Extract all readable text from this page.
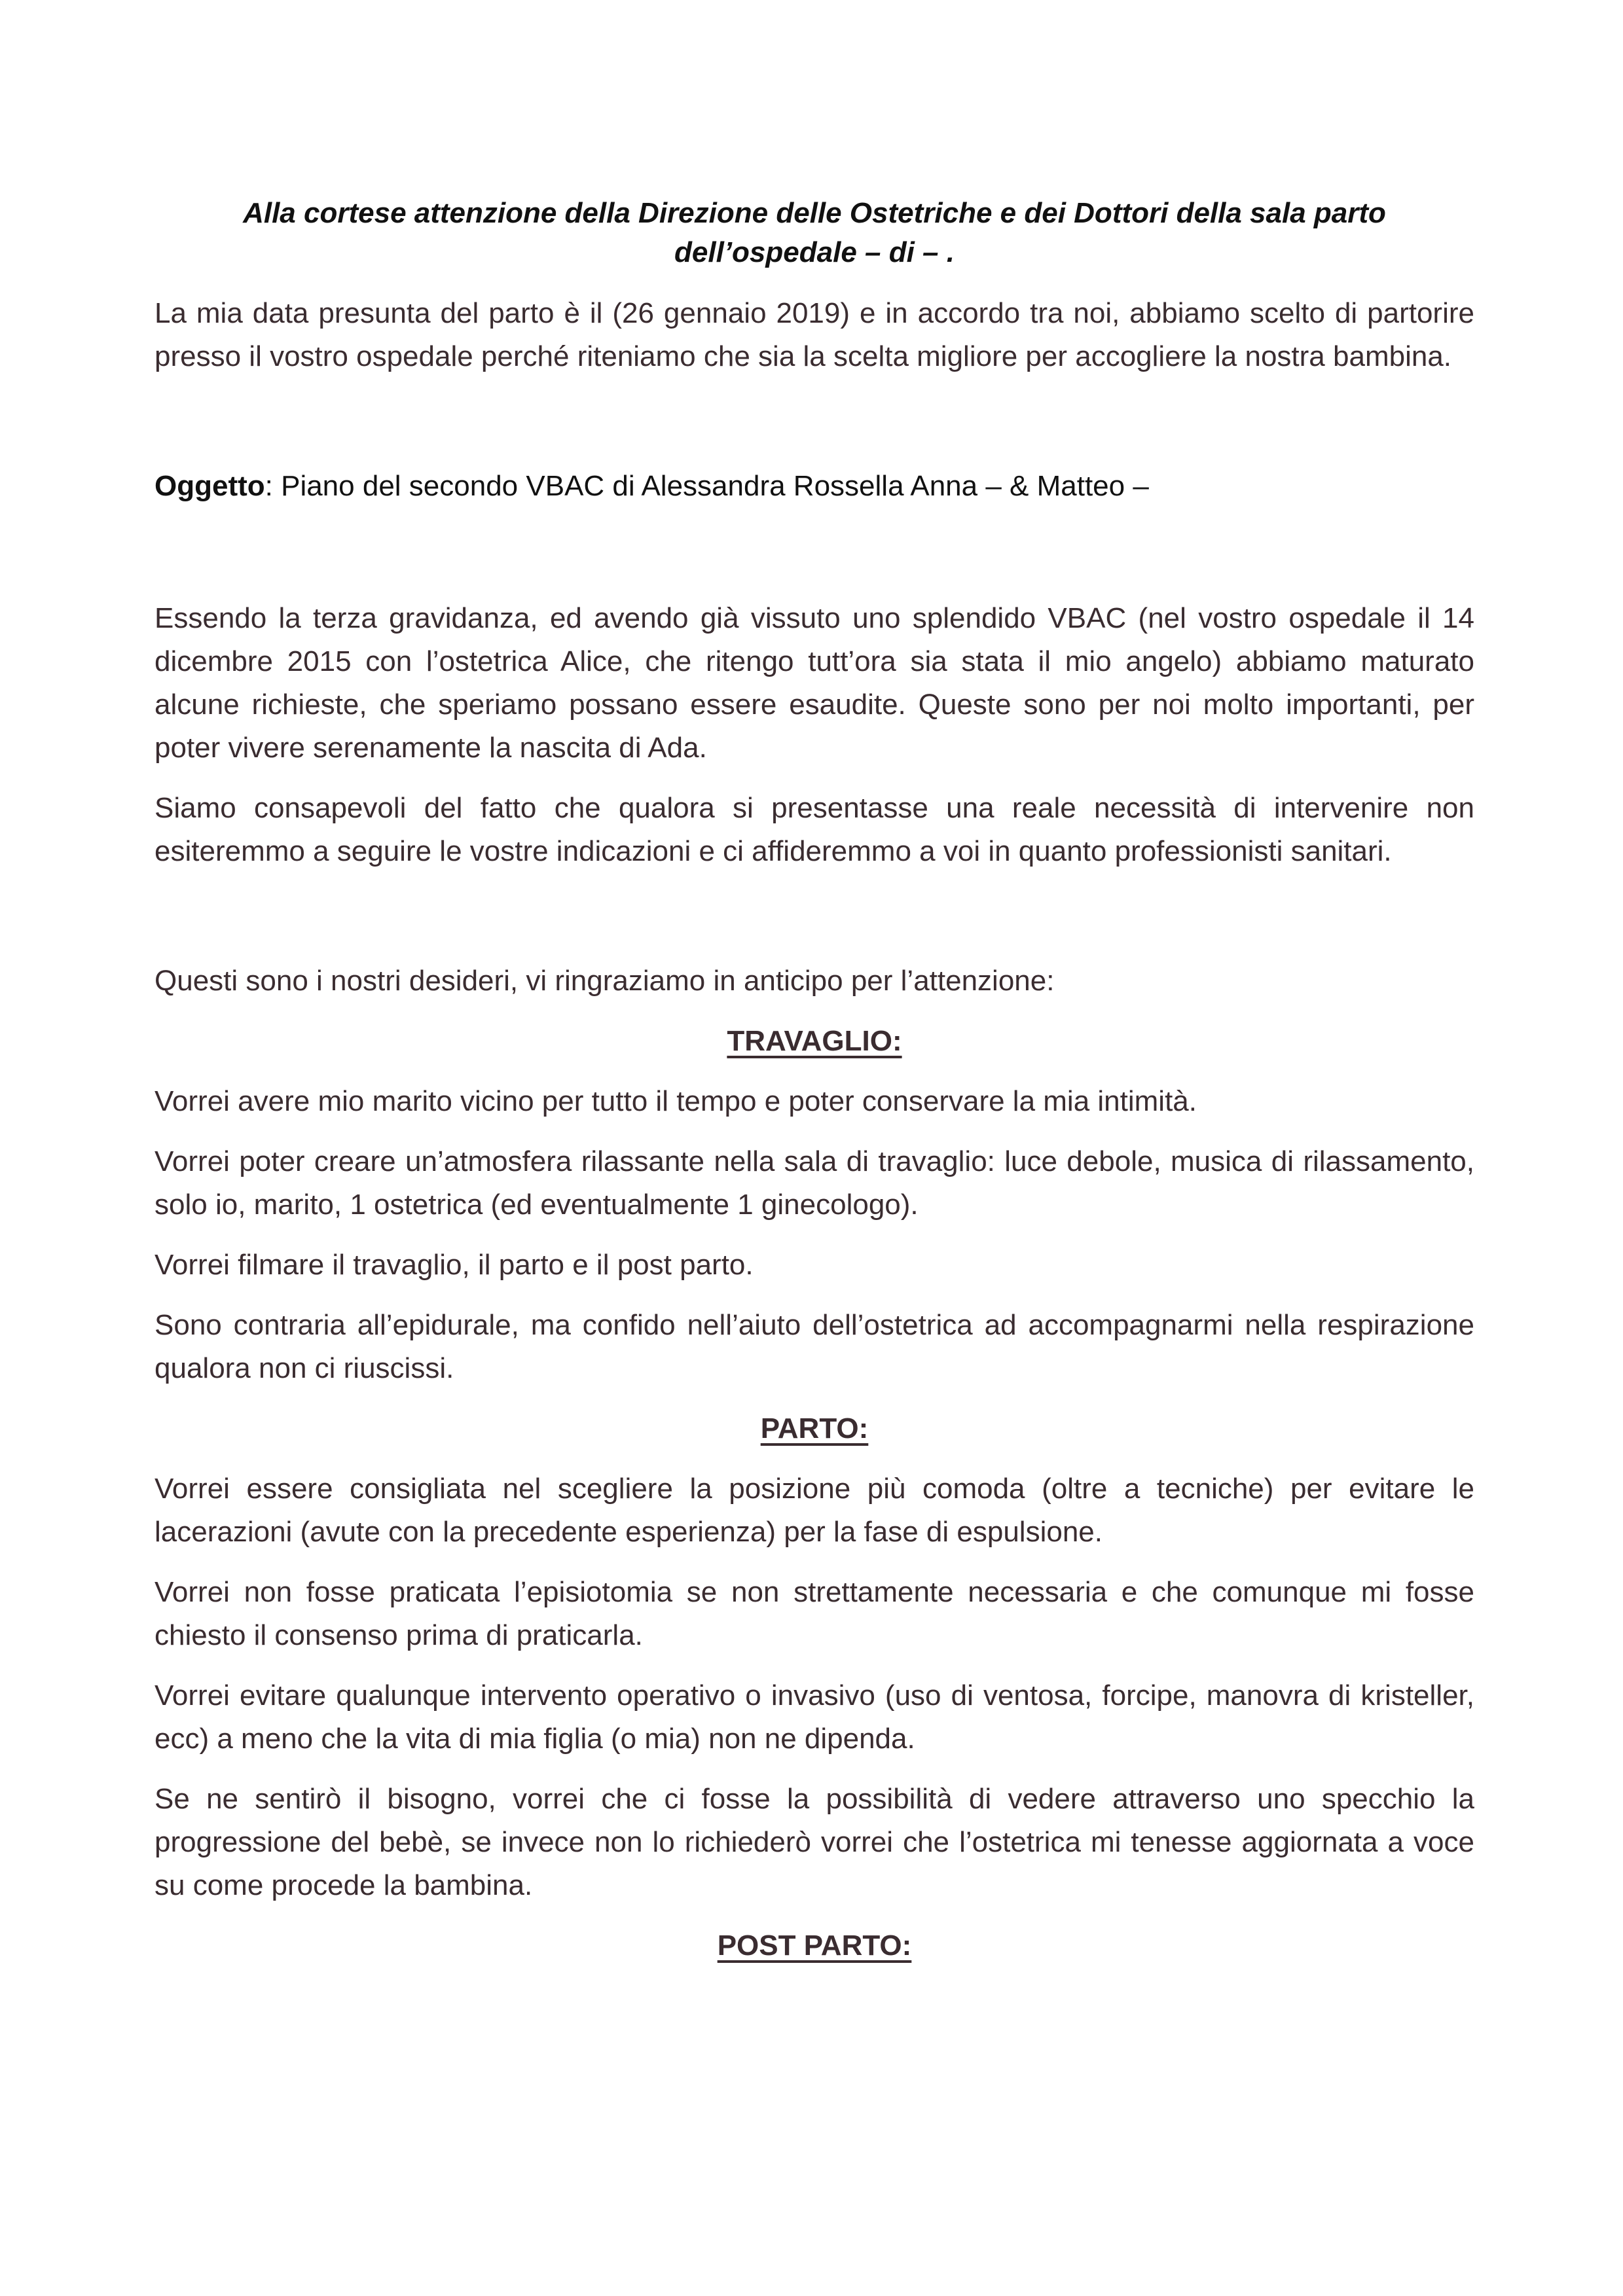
Alla cortese attenzione della Direzione delle Ostetriche e dei Dottori della sala parto
dell’ospedale – di – .

La mia data presunta del parto è il (26 gennaio 2019) e in accordo tra noi, abbiamo scelto di partorire presso il vostro ospedale perché riteniamo che sia la scelta migliore per accogliere la nostra bambina.

Oggetto: Piano del secondo VBAC di Alessandra Rossella Anna – & Matteo –

Essendo la terza gravidanza, ed avendo già vissuto uno splendido VBAC (nel vostro ospedale il 14 dicembre 2015 con l’ostetrica Alice, che ritengo tutt’ora sia stata il mio angelo) abbiamo maturato alcune richieste, che speriamo possano essere esaudite. Queste sono per noi molto importanti, per poter vivere serenamente la nascita di Ada.

Siamo consapevoli del fatto che qualora si presentasse una reale necessità di intervenire non esiteremmo a seguire le vostre indicazioni e ci affideremmo a voi in quanto professionisti sanitari.

Questi sono i nostri desideri, vi ringraziamo in anticipo per l’attenzione:

TRAVAGLIO:

Vorrei avere mio marito vicino per tutto il tempo e poter conservare la mia intimità.

Vorrei poter creare un’atmosfera rilassante nella sala di travaglio: luce debole, musica di rilassamento, solo io, marito, 1 ostetrica (ed eventualmente 1 ginecologo).

Vorrei filmare il travaglio, il parto e il post parto.

Sono contraria all’epidurale, ma confido nell’aiuto dell’ostetrica ad accompagnarmi nella respirazione qualora non ci riuscissi.

PARTO:

Vorrei essere consigliata nel scegliere la posizione più comoda (oltre a tecniche) per evitare le lacerazioni (avute con la precedente esperienza) per la fase di espulsione.

Vorrei non fosse praticata l’episiotomia se non strettamente necessaria e che comunque mi fosse chiesto il consenso prima di praticarla.

Vorrei evitare qualunque intervento operativo o invasivo (uso di ventosa, forcipe, manovra di kristeller, ecc) a meno che la vita di mia figlia (o mia) non ne dipenda.

Se ne sentirò il bisogno, vorrei che ci fosse la possibilità di vedere attraverso uno specchio la progressione del bebè, se invece non lo richiederò vorrei che l’ostetrica mi tenesse aggiornata a voce su come procede la bambina.

POST PARTO:
